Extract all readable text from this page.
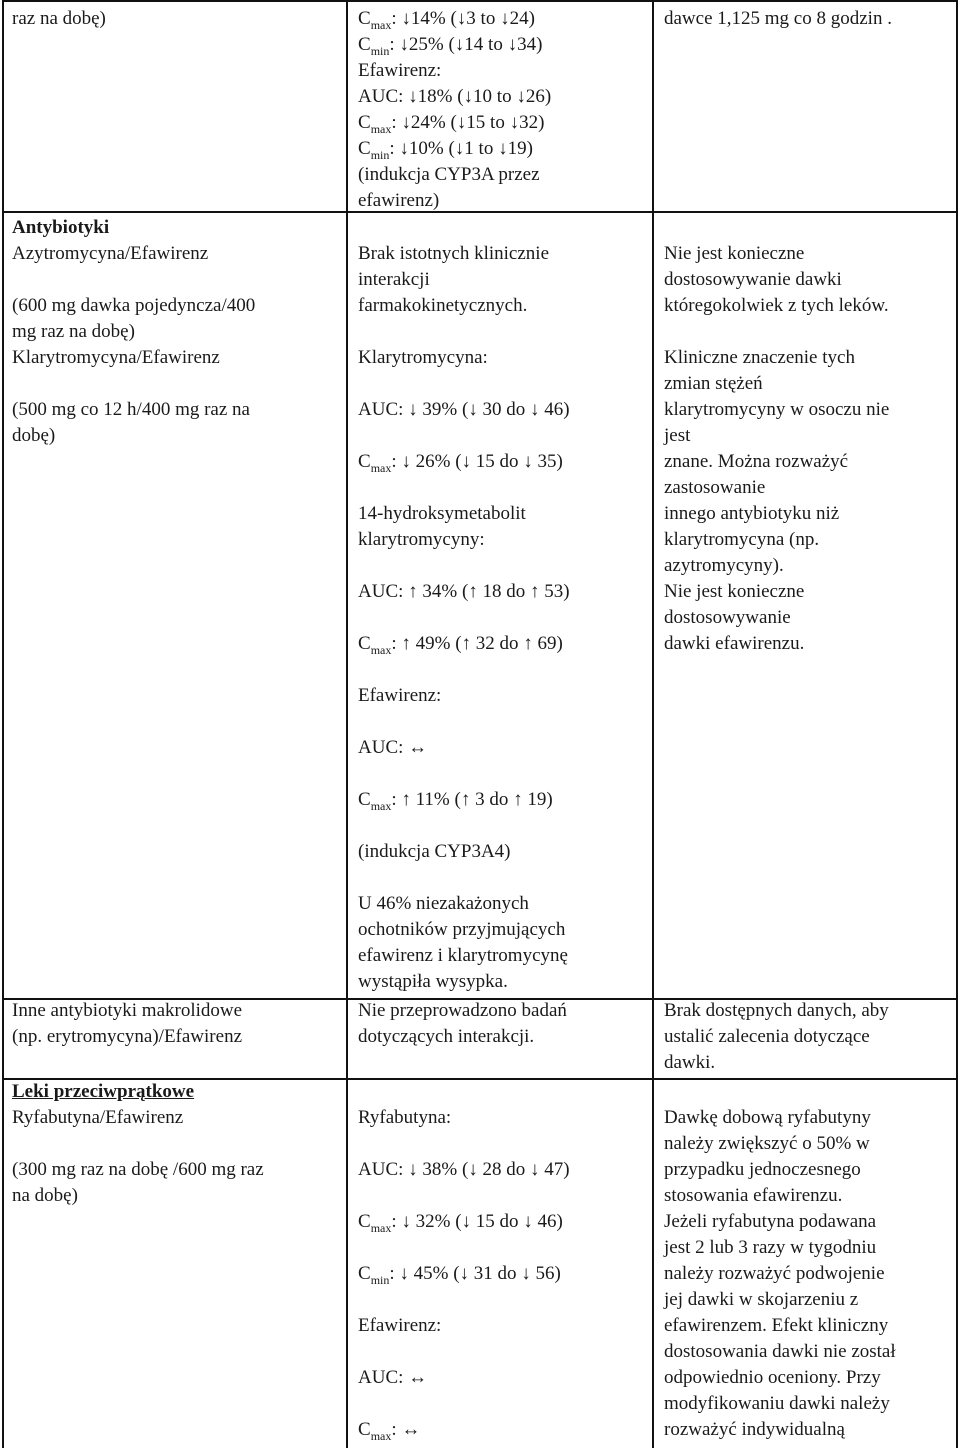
raz na dobę)	$C_{max}$: ↓14% (↓3 to ↓24)
$C_{min}$: ↓25% (↓14 to ↓34)
Efawirenz:
AUC: ↓18% (↓10 to ↓26)
$C_{max}$: ↓24% (↓15 to ↓32)
$C_{min}$: ↓10% (↓1 to ↓19)
(indukcja CYP3A przez
efawirenz)
dawce 1,125 mg co 8 godzin .
Antybiotyki
Azytromycyna/Efawirenz
(600 mg dawka pojedyncza/400
mg raz na dobę)
Brak istotnych klinicznie
interakcji
farmakokinetycznych.
Nie jest konieczne
dostosowywanie dawki
któregokolwiek z tych leków.
Klarytromycyna/Efawirenz
(500 mg co 12 h/400 mg raz na
dobę)
Klarytromycyna:
AUC: ↓ 39% (↓ 30 do ↓ 46)
$C_{max}$: ↓ 26% (↓ 15 do ↓ 35)
14-hydroksymetabolit
klarytromycyny:
AUC: ↑ 34% (↑ 18 do ↑ 53)
$C_{max}$: ↑ 49% (↑ 32 do ↑ 69)
Efawirenz:
AUC: ↔
$C_{max}$: ↑ 11% (↑ 3 do ↑ 19)
(indukcja CYP3A4)
U 46% niezakażonych
ochotników przyjmujących
efawirenz i klarytromycynę
wystąpiła wysypka.
Kliniczne znaczenie tych
zmian stężeń
klarytromycyny w osoczu nie
jest
znane. Można rozważyć
zastosowanie
innego antybiotyku niż
klarytromycyna (np.
azytromycyny).
Nie jest konieczne
dostosowywanie
dawki efawirenzu.
Inne antybiotyki makrolidowe
(np. erytromycyna)/Efawirenz
Nie przeprowadzono badań
dotyczących interakcji.
Brak dostępnych danych, aby
ustalić zalecenia dotyczące
dawki.
Leki przeciwprątkowe
Ryfabutyna/Efawirenz
(300 mg raz na dobę /600 mg raz
na dobę)
Ryfabutyna:
AUC: ↓ 38% (↓ 28 do ↓ 47)
$C_{max}$: ↓ 32% (↓ 15 do ↓ 46)
$C_{min}$: ↓ 45% (↓ 31 do ↓ 56)
Efawirenz:
AUC: ↔
$C_{max}$: ↔
Dawkę dobową ryfabutyny
należy zwiększyć o 50% w
przypadku jednoczesnego
stosowania efawirenzu.
Jeżeli ryfabutyna podawana
jest 2 lub 3 razy w tygodniu
należy rozważyć podwojenie
jej dawki w skojarzeniu z
efawirenzem. Efekt kliniczny
dostosowania dawki nie został
odpowiednio oceniony. Przy
modyfikowaniu dawki należy
rozważyć indywidualną
